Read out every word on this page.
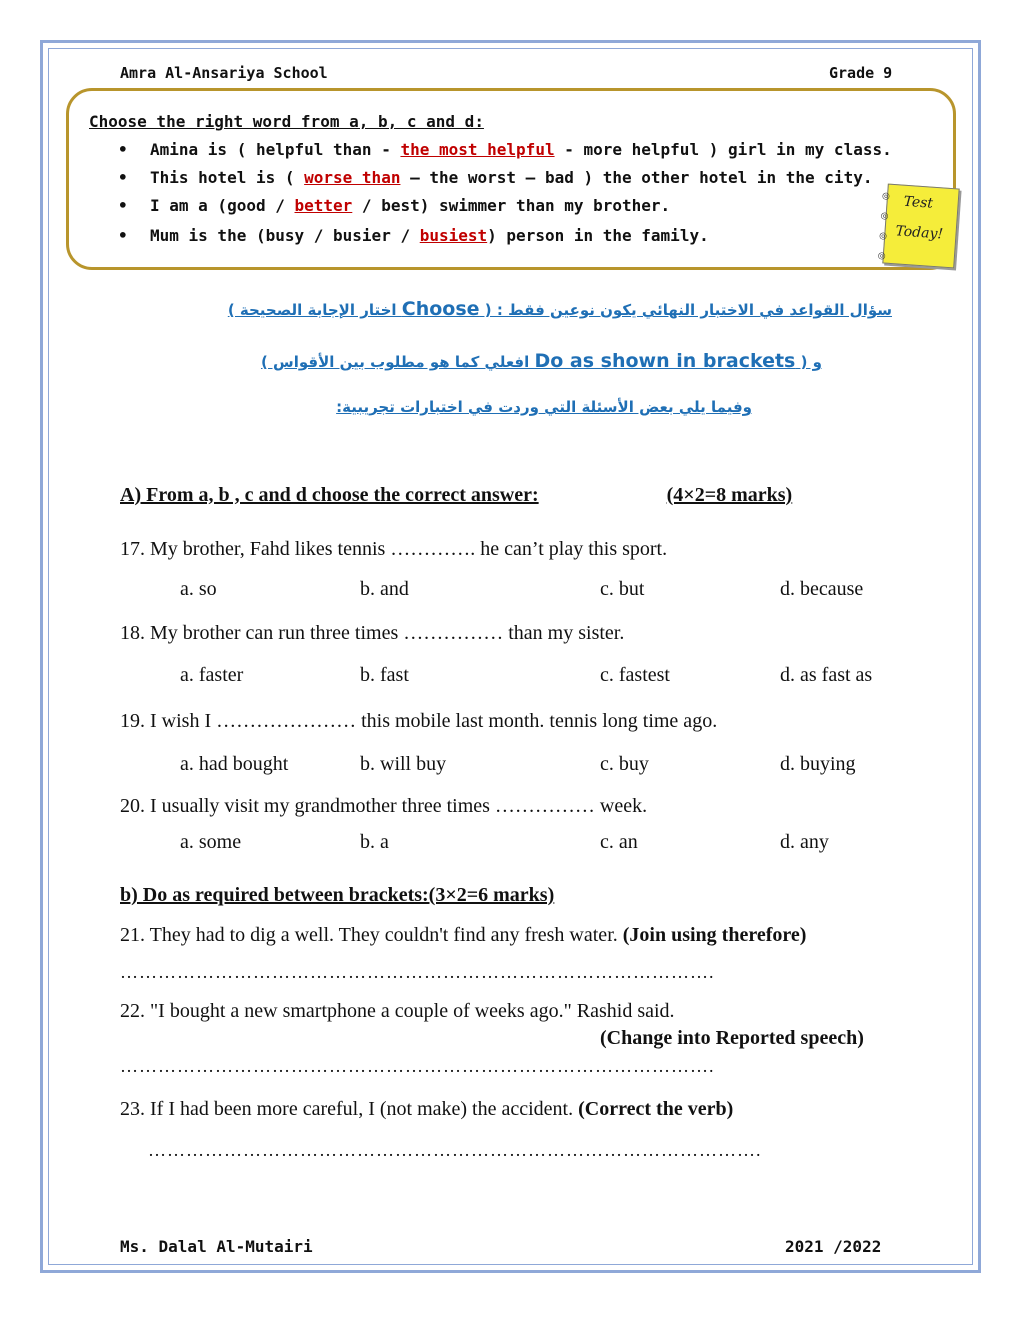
Amra Al-Ansariya School	Grade 9
Choose the right word from a, b, c and d:
• Amina is ( helpful than - the most helpful - more helpful ) girl in my class.
• This hotel is ( worse than – the worst – bad ) the other hotel in the city.
• I am a (good / better / best) swimmer than my brother.
• Mum is the (busy / busier / busiest) person in the family.
◎

◎

◎

◎
Test
Today!
سؤال القواعد في الاختبار النهائي يكون نوعين فقط : ( Choose اختار الإجابة الصحيحة )
و ( Do as shown in brackets افعلي كما هو مطلوب بين الأقواس )
وفيما يلي بعض الأسئلة التي وردت في اختبارات تجريبية:
A) From a, b , c and d choose the correct answer:	(4×2=8 marks)
17. My brother, Fahd likes tennis …………. he can’t play this sport.
a. so	b. and	c. but	d. because
18. My brother can run three times …………… than my sister.
a. faster	b. fast	c. fastest	d. as fast as
19. I wish I ………………… this mobile last month. tennis long time ago.
a. had bought	b. will buy	c. buy	d. buying
20. I usually visit my grandmother three times …………… week.
a. some	b. a	c. an	d. any
b) Do as required between brackets:(3×2=6 marks)
21. They had to dig a well. They couldn't find any fresh water. (Join using therefore)
………………………………………………………………………………….
22. "I bought a new smartphone a couple of weeks ago." Rashid said.
(Change into Reported speech)
………………………………………………………………………………….
23. If I had been more careful, I (not make) the accident. (Correct the verb)
…………………………………………………………………………………….
Ms. Dalal Al-Mutairi	2021 /2022
